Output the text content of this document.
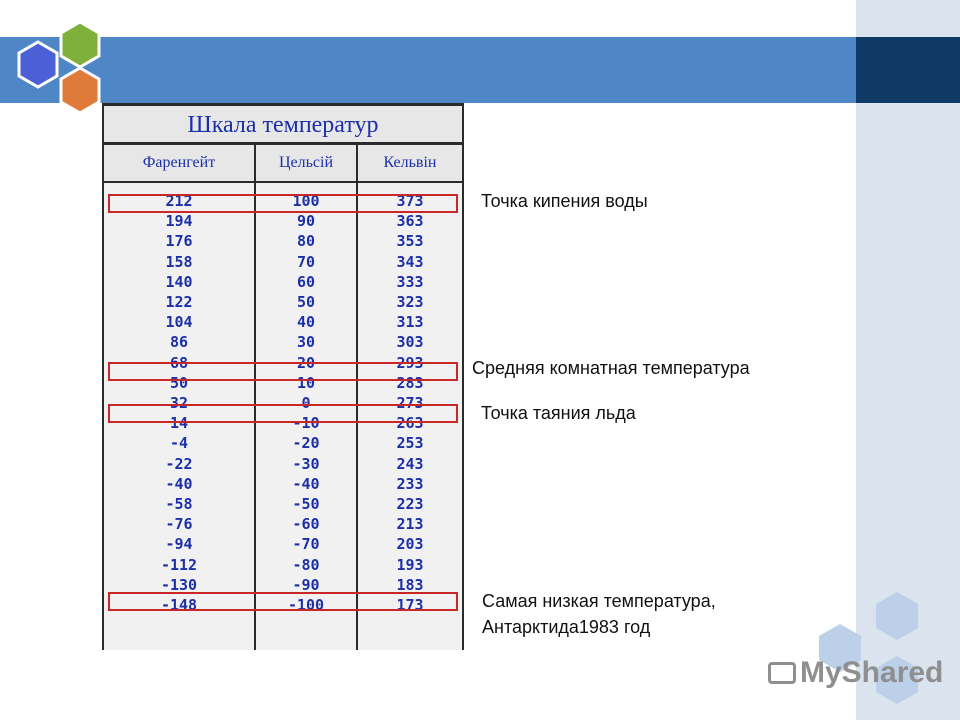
Шкала температур
Фаренгейт	Цельсій	Кельвін
212	100	373
194	90	363
176	80	353
158	70	343
140	60	333
122	50	323
104	40	313
86	30	303
68	20	293
50	10	283
32	0	273
14	-10	263
-4	-20	253
-22	-30	243
-40	-40	233
-58	-50	223
-76	-60	213
-94	-70	203
-112	-80	193
-130	-90	183
-148	-100	173
Точка кипения воды
Средняя комнатная температура
Точка таяния льда
Самая низкая температура,
Антарктида1983 год
MyShared
